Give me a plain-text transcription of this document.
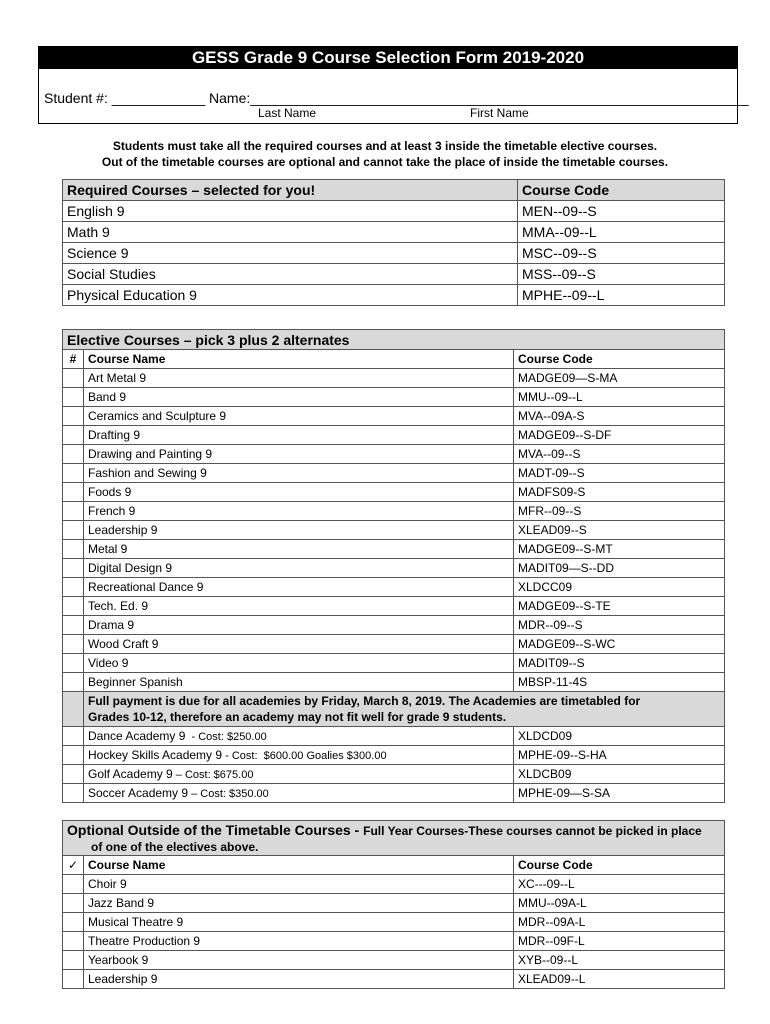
GESS Grade 9 Course Selection Form 2019-2020
Student #: ____________ Name:________________________________________________________________
Last Name	First Name
Students must take all the required courses and at least 3 inside the timetable elective courses.
Out of the timetable courses are optional and cannot take the place of inside the timetable courses.
Required Courses – selected for you!	Course Code
English 9	MEN--09--S
Math 9	MMA--09--L
Science 9	MSC--09--S
Social Studies	MSS--09--S
Physical Education 9	MPHE--09--L
Elective Courses – pick 3 plus 2 alternates		
#	Course Name	Course Code
	Art Metal 9	MADGE09—S-MA
	Band 9	MMU--09--L
	Ceramics and Sculpture 9	MVA--09A-S
	Drafting 9	MADGE09--S-DF
	Drawing and Painting 9	MVA--09--S
	Fashion and Sewing 9	MADT-09--S
	Foods 9	MADFS09-S
	French 9	MFR--09--S
	Leadership 9	XLEAD09--S
	Metal 9	MADGE09--S-MT
	Digital Design 9	MADIT09—S--DD
	Recreational Dance 9	XLDCC09
	Tech. Ed. 9	MADGE09--S-TE
	Drama 9	MDR--09--S
	Wood Craft 9	MADGE09--S-WC
	Video 9	MADIT09--S
	Beginner Spanish	MBSP-11-4S

	Full payment is due for all academies by Friday, March 8, 2019. The Academies are timetabled for
Grades 10-12, therefore an academy may not fit well for grade 9 students.	

	Dance Academy 9  - Cost: $250.00	XLDCD09
	Hockey Skills Academy 9 - Cost:  $600.00 Goalies $300.00	MPHE-09--S-HA
	Golf Academy 9 – Cost: $675.00	XLDCB09
	Soccer Academy 9 – Cost: $350.00	MPHE-09—S-SA
Optional Outside of the Timetable Courses - Full Year Courses-These courses cannot be picked in place
of one of the electives above.		

✓	Course Name	Course Code
	Choir 9	XC---09--L
	Jazz Band 9	MMU--09A-L
	Musical Theatre 9	MDR--09A-L
	Theatre Production 9	MDR--09F-L
	Yearbook 9	XYB--09--L
	Leadership 9	XLEAD09--L
